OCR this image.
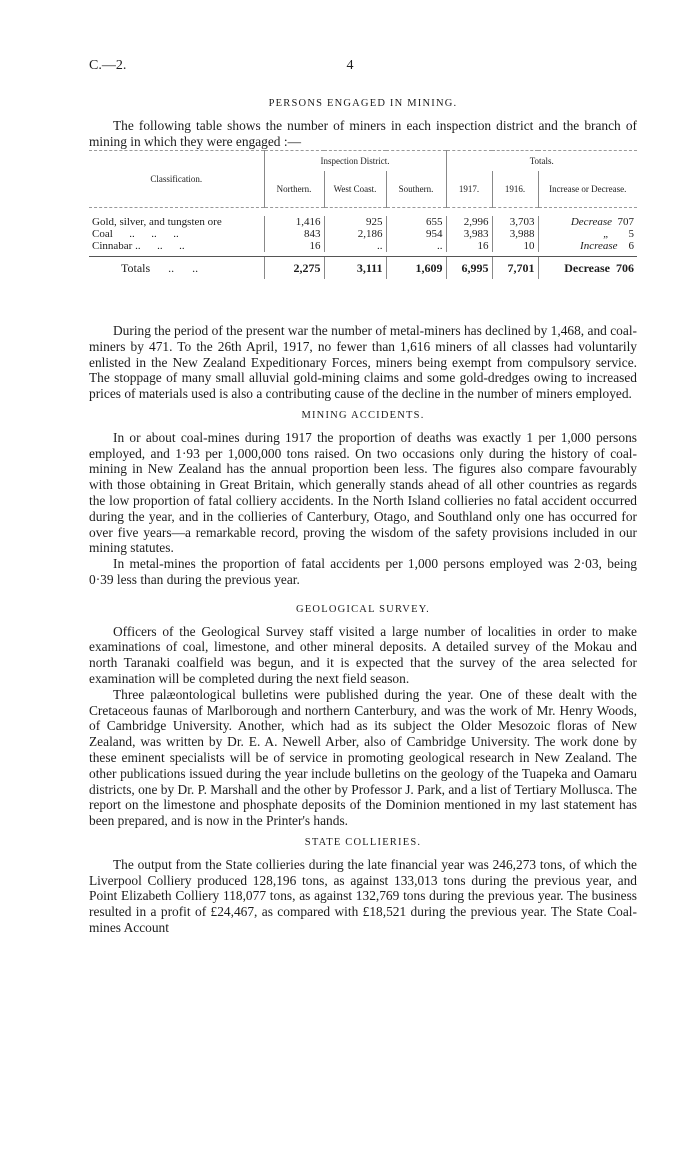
C.—2.	4
PERSONS ENGAGED IN MINING.

The following table shows the number of miners in each inspection district and the branch of mining in which they were engaged :—

Classification.	Inspection District.			Totals.		
	Northern.	West Coast.	Southern.	1917.	1916.	Increase or Decrease.

Gold, silver, and tungsten ore	1,416	925	655	2,996	3,703	Decrease 707
Coal      ..      ..      ..	843	2,186	954	3,983	3,988	„ 5
Cinnabar ..      ..      ..	16	..	..	16	10	Increase 6

Totals      ..      ..	2,275	3,111	1,609	6,995	7,701	Decrease 706

During the period of the present war the number of metal-miners has declined by 1,468, and coal-miners by 471. To the 26th April, 1917, no fewer than 1,616 miners of all classes had voluntarily enlisted in the New Zealand Expeditionary Forces, miners being exempt from compulsory service. The stoppage of many small alluvial gold-mining claims and some gold-dredges owing to increased prices of materials used is also a contributing cause of the decline in the number of miners employed.

MINING ACCIDENTS.

In or about coal-mines during 1917 the proportion of deaths was exactly 1 per 1,000 persons employed, and 1·93 per 1,000,000 tons raised. On two occasions only during the history of coal-mining in New Zealand has the annual proportion been less. The figures also compare favourably with those obtaining in Great Britain, which generally stands ahead of all other countries as regards the low proportion of fatal colliery accidents. In the North Island collieries no fatal accident occurred during the year, and in the collieries of Canterbury, Otago, and Southland only one has occurred for over five years—a remarkable record, proving the wisdom of the safety provisions included in our mining statutes.

In metal-mines the proportion of fatal accidents per 1,000 persons employed was 2·03, being 0·39 less than during the previous year.

GEOLOGICAL SURVEY.

Officers of the Geological Survey staff visited a large number of localities in order to make examinations of coal, limestone, and other mineral deposits. A detailed survey of the Mokau and north Taranaki coalfield was begun, and it is expected that the survey of the area selected for examination will be completed during the next field season.

Three palæontological bulletins were published during the year. One of these dealt with the Cretaceous faunas of Marlborough and northern Canterbury, and was the work of Mr. Henry Woods, of Cambridge University. Another, which had as its subject the Older Mesozoic floras of New Zealand, was written by Dr. E. A. Newell Arber, also of Cambridge University. The work done by these eminent specialists will be of service in promoting geological research in New Zealand. The other publications issued during the year include bulletins on the geology of the Tuapeka and Oamaru districts, one by Dr. P. Marshall and the other by Professor J. Park, and a list of Tertiary Mollusca. The report on the limestone and phosphate deposits of the Dominion mentioned in my last statement has been prepared, and is now in the Printer's hands.

STATE COLLIERIES.

The output from the State collieries during the late financial year was 246,273 tons, of which the Liverpool Colliery produced 128,196 tons, as against 133,013 tons during the previous year, and Point Elizabeth Colliery 118,077 tons, as against 132,769 tons during the previous year. The business resulted in a profit of £24,467, as compared with £18,521 during the previous year. The State Coal-mines Account
